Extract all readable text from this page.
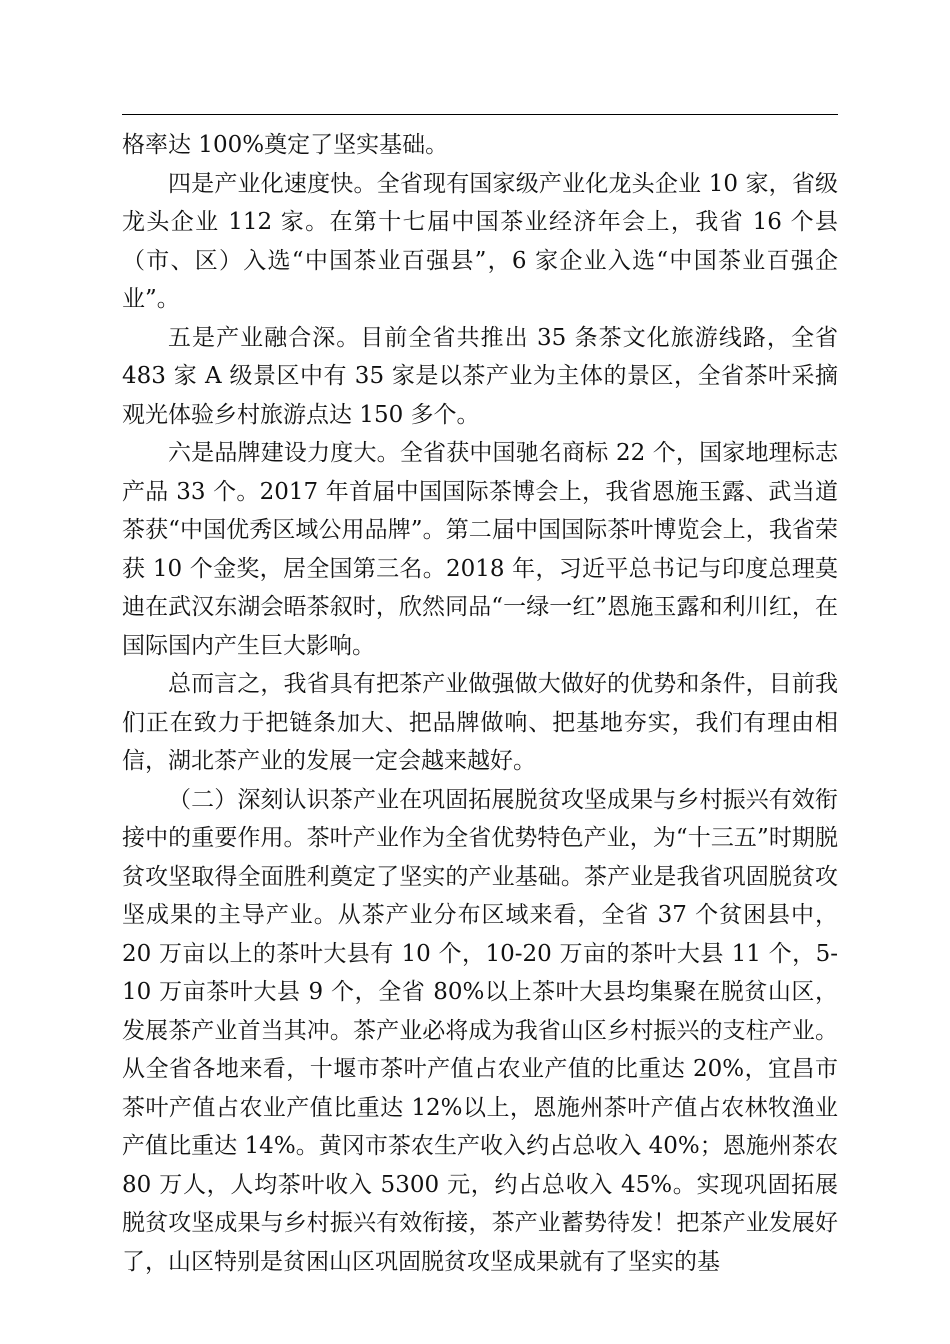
格率达 100%奠定了坚实基础。

四是产业化速度快。全省现有国家级产业化龙头企业 10 家，省级龙头企业 112 家。在第十七届中国茶业经济年会上，我省 16 个县（市、区）入选“中国茶业百强县”，6 家企业入选“中国茶业百强企业”。

五是产业融合深。目前全省共推出 35 条茶文化旅游线路，全省 483 家 A 级景区中有 35 家是以茶产业为主体的景区，全省茶叶采摘观光体验乡村旅游点达 150 多个。

六是品牌建设力度大。全省获中国驰名商标 22 个，国家地理标志产品 33 个。2017 年首届中国国际茶博会上，我省恩施玉露、武当道茶获“中国优秀区域公用品牌”。第二届中国国际茶叶博览会上，我省荣获 10 个金奖，居全国第三名。2018 年，习近平总书记与印度总理莫迪在武汉东湖会晤茶叙时，欣然同品“一绿一红”恩施玉露和利川红，在国际国内产生巨大影响。

总而言之，我省具有把茶产业做强做大做好的优势和条件，目前我们正在致力于把链条加大、把品牌做响、把基地夯实，我们有理由相信，湖北茶产业的发展一定会越来越好。

（二）深刻认识茶产业在巩固拓展脱贫攻坚成果与乡村振兴有效衔接中的重要作用。茶叶产业作为全省优势特色产业，为“十三五”时期脱贫攻坚取得全面胜利奠定了坚实的产业基础。茶产业是我省巩固脱贫攻坚成果的主导产业。从茶产业分布区域来看，全省 37 个贫困县中，20 万亩以上的茶叶大县有 10 个，10-20 万亩的茶叶大县 11 个，5-10 万亩茶叶大县 9 个，全省 80%以上茶叶大县均集聚在脱贫山区，发展茶产业首当其冲。茶产业必将成为我省山区乡村振兴的支柱产业。从全省各地来看，十堰市茶叶产值占农业产值的比重达 20%，宜昌市茶叶产值占农业产值比重达 12%以上，恩施州茶叶产值占农林牧渔业产值比重达 14%。黄冈市茶农生产收入约占总收入 40%；恩施州茶农 80 万人，人均茶叶收入 5300 元，约占总收入 45%。实现巩固拓展脱贫攻坚成果与乡村振兴有效衔接，茶产业蓄势待发！把茶产业发展好了，山区特别是贫困山区巩固脱贫攻坚成果就有了坚实的基
